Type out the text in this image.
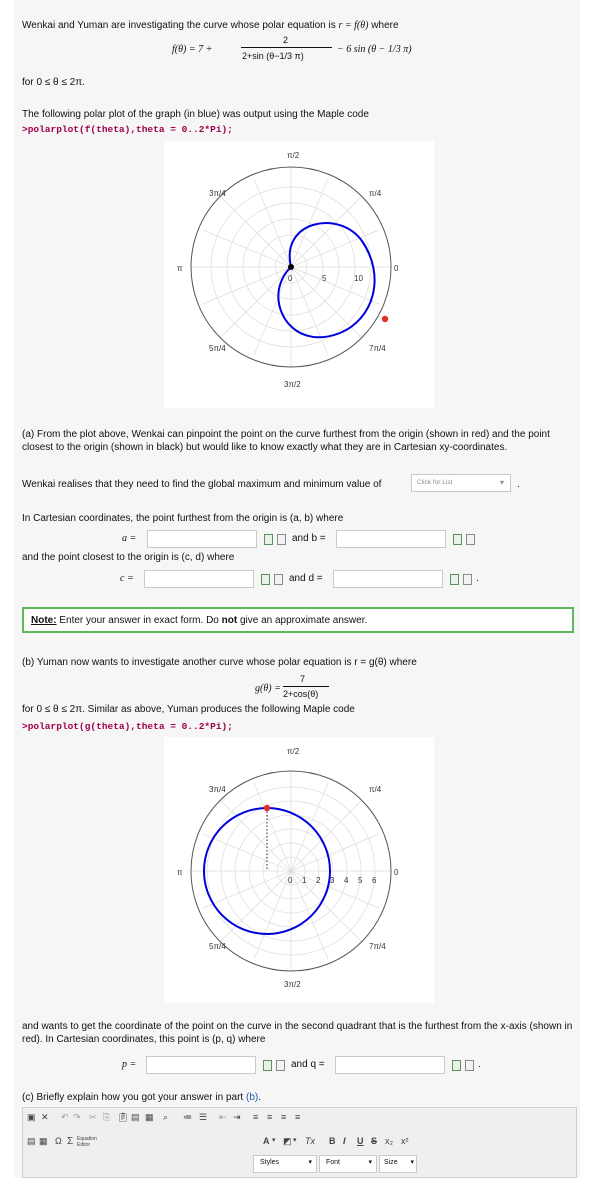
Wenkai and Yuman are investigating the curve whose polar equation is r = f(θ) where
f(θ) = 7 +
2
2+sin (θ−1/3 π)
− 6 sin (θ − 1/3 π)
for 0 ≤ θ ≤ 2π.
The following polar plot of the graph (in blue) was output using the Maple code
>polarplot(f(theta),theta = 0..2*Pi);
π/2
π/4
3π/4
π	0
5π/4	7π/4
3π/2
0	5	10
(a) From the plot above, Wenkai can pinpoint the point on the curve furthest from the origin (shown in red) and the point closest to the origin (shown in black) but would like to know exactly what they are in Cartesian xy-coordinates.
Wenkai realises that they need to find the global maximum and minimum value of	Click for List	▾ .
In Cartesian coordinates, the point furthest from the origin is (a, b) where
a =	and b =
and the point closest to the origin is (c, d) where
c =	and d =	.
Note: Enter your answer in exact form. Do not give an approximate answer.
(b) Yuman now wants to investigate another curve whose polar equation is r = g(θ) where
g(θ) =
7
2+cos(θ)
for 0 ≤ θ ≤ 2π. Similar as above, Yuman produces the following Maple code
>polarplot(g(theta),theta = 0..2*Pi);
π/2
π/4
3π/4
π	0
5π/4	7π/4
3π/2
0 1 2 3 4 5 6
and wants to get the coordinate of the point on the curve in the second quadrant that is the furthest from the x-axis (shown in red). In Cartesian coordinates, this point is (p, q) where
p =	and q =	.
(c) Briefly explain how you got your answer in part (b).
▣ ✕ ↶ ↷ ✂ ⎘ 📋︎ ▤ ▦ ⌕ ≔ ☰ ⇤ ⇥ ≡ ≡ ≡ ≡
▤ ▦ Ω Σ Equation Editor	A ▾ ◩ ▾ Tx B I U S x₂ x²
Styles	▾ Font	▾ Size ▾
